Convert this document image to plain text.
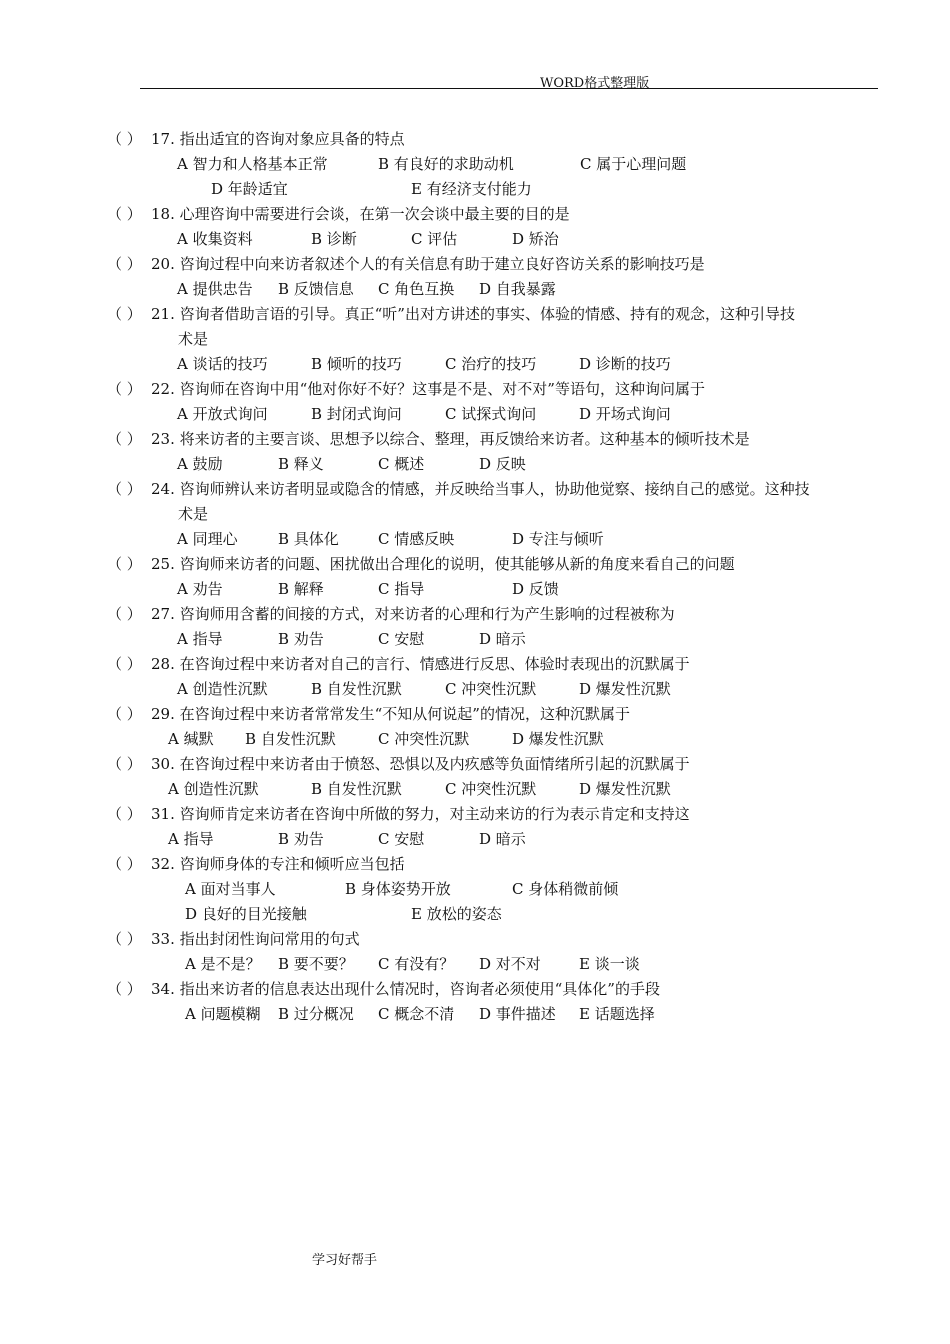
WORD格式整理版
（ ） 17. 指出适宜的咨询对象应具备的特点
A 智力和人格基本正常	B 有良好的求助动机	C 属于心理问题
D 年龄适宜	E 有经济支付能力
（ ） 18. 心理咨询中需要进行会谈，在第一次会谈中最主要的目的是
A 收集资料	B 诊断	C 评估	D 矫治
（ ） 20. 咨询过程中向来访者叙述个人的有关信息有助于建立良好咨访关系的影响技巧是
A 提供忠告 B 反馈信息 C 角色互换 D 自我暴露
（ ） 21. 咨询者借助言语的引导。真正“听”出对方讲述的事实、体验的情感、持有的观念，这种引导技
术是
A 谈话的技巧	B 倾听的技巧	C 治疗的技巧	D 诊断的技巧
（ ） 22. 咨询师在咨询中用“他对你好不好？这事是不是、对不对”等语句，这种询问属于
A 开放式询问	B 封闭式询问	C 试探式询问	D 开场式询问
（ ） 23. 将来访者的主要言谈、思想予以综合、整理，再反馈给来访者。这种基本的倾听技术是
A 鼓励	B 释义	C 概述	D 反映
（ ） 24. 咨询师辨认来访者明显或隐含的情感，并反映给当事人，协助他觉察、接纳自己的感觉。这种技
术是
A 同理心	B 具体化	C 情感反映	D 专注与倾听
（ ） 25. 咨询师来访者的问题、困扰做出合理化的说明，使其能够从新的角度来看自己的问题
A 劝告	B 解释	C 指导	D 反馈
（ ） 27. 咨询师用含蓄的间接的方式，对来访者的心理和行为产生影响的过程被称为
A 指导	B 劝告	C 安慰	D 暗示
（ ） 28. 在咨询过程中来访者对自己的言行、情感进行反思、体验时表现出的沉默属于
A 创造性沉默	B 自发性沉默	C 冲突性沉默	D 爆发性沉默
（ ） 29. 在咨询过程中来访者常常发生“不知从何说起”的情况，这种沉默属于
A 缄默 B 自发性沉默	C 冲突性沉默	D 爆发性沉默
（ ） 30. 在咨询过程中来访者由于愤怒、恐惧以及内疚感等负面情绪所引起的沉默属于
A 创造性沉默	B 自发性沉默	C 冲突性沉默	D 爆发性沉默
（ ） 31. 咨询师肯定来访者在咨询中所做的努力，对主动来访的行为表示肯定和支持这
A 指导	B 劝告	C 安慰	D 暗示
（ ） 32. 咨询师身体的专注和倾听应当包括
A 面对当事人	B 身体姿势开放	C 身体稍微前倾
D 良好的目光接触	E 放松的姿态
（ ） 33. 指出封闭性询问常用的句式
A 是不是？ B 要不要？ C 有没有？ D 对不对	E 谈一谈
（ ） 34. 指出来访者的信息表达出现什么情况时，咨询者必须使用“具体化”的手段
A 问题模糊 B 过分概况 C 概念不清 D 事件描述 E 话题选择
学习好帮手
